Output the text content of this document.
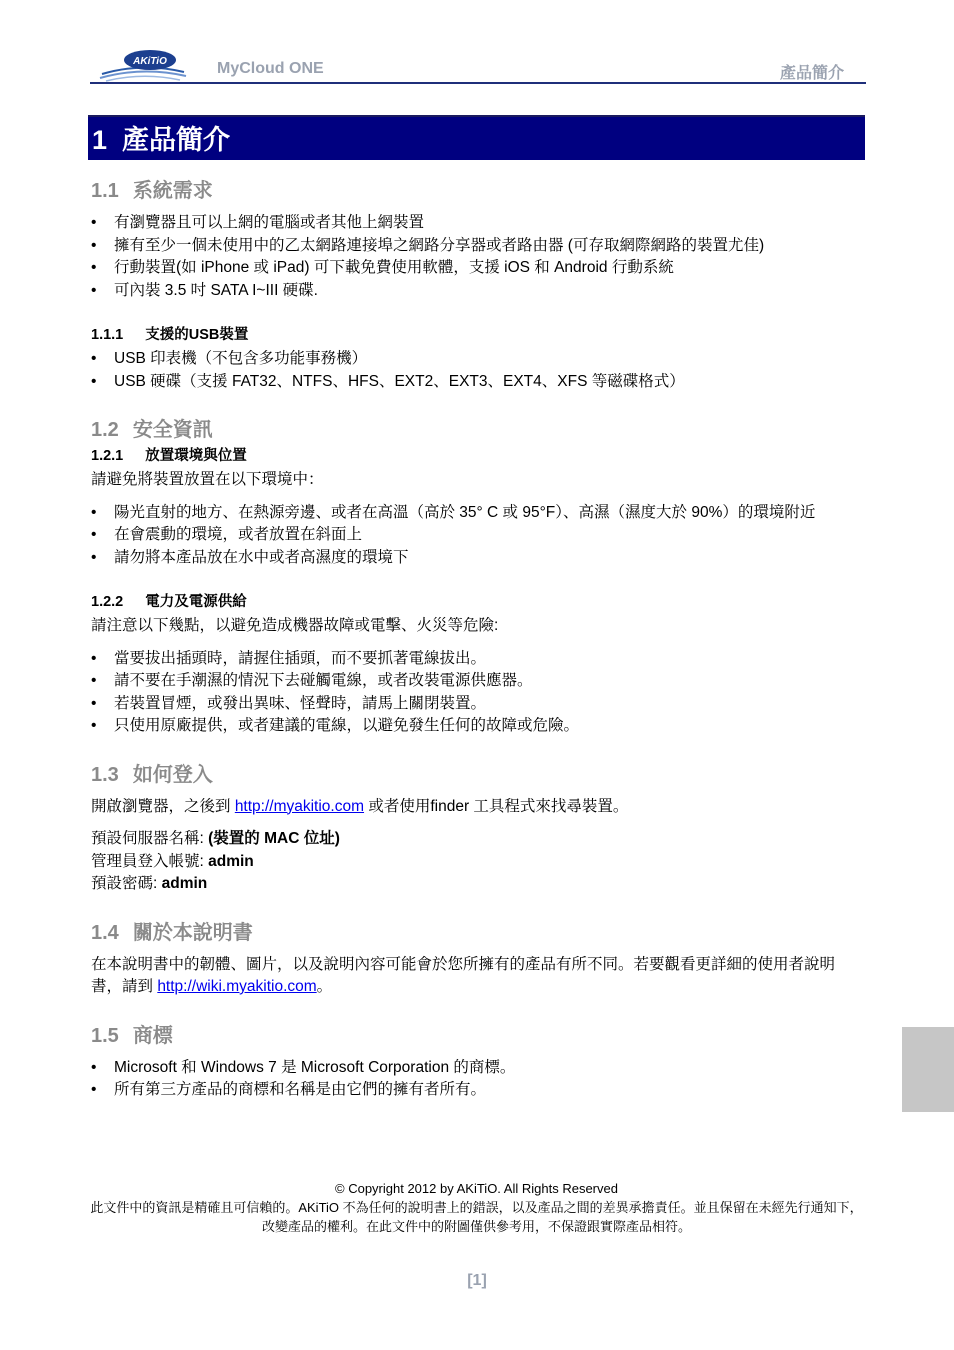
AKiTiO	MyCloud ONE	產品簡介
1 產品簡介
1.1 系統需求
• 有瀏覽器且可以上網的電腦或者其他上網裝置
• 擁有至少一個未使用中的乙太網路連接埠之網路分享器或者路由器 (可存取網際網路的裝置尤佳)
• 行動裝置(如 iPhone 或 iPad) 可下載免費使用軟體，支援 iOS 和 Android 行動系統
• 可內裝 3.5 吋 SATA I~III 硬碟.
1.1.1 支援的USB裝置
• USB 印表機（不包含多功能事務機）
• USB 硬碟（支援 FAT32、NTFS、HFS、EXT2、EXT3、EXT4、XFS 等磁碟格式）
1.2 安全資訊
1.2.1 放置環境與位置

請避免將裝置放置在以下環境中：

• 陽光直射的地方、在熱源旁邊、或者在高溫（高於 35° C 或 95°F）、高濕（濕度大於 90%）的環境附近
• 在會震動的環境，或者放置在斜面上
• 請勿將本產品放在水中或者高濕度的環境下
1.2.2 電力及電源供給

請注意以下幾點，以避免造成機器故障或電擊、火災等危險:

• 當要拔出插頭時，請握住插頭，而不要抓著電線拔出。
• 請不要在手潮濕的情況下去碰觸電線，或者改裝電源供應器。
• 若裝置冒煙，或發出異味、怪聲時，請馬上關閉裝置。
• 只使用原廠提供，或者建議的電線，以避免發生任何的故障或危險。
1.3 如何登入

開啟瀏覽器，之後到 http://myakitio.com 或者使用finder 工具程式來找尋裝置。

預設伺服器名稱: (裝置的 MAC 位址)

管理員登入帳號: admin

預設密碼: admin

1.4 關於本說明書

在本說明書中的韌體、圖片，以及說明內容可能會於您所擁有的產品有所不同。若要觀看更詳細的使用者說明書，請到 http://wiki.myakitio.com。

1.5 商標
• Microsoft 和 Windows 7 是 Microsoft Corporation 的商標。
• 所有第三方產品的商標和名稱是由它們的擁有者所有。
© Copyright 2012 by AKiTiO. All Rights Reserved
此文件中的資訊是精確且可信賴的。AKiTiO 不為任何的說明書上的錯誤，以及產品之間的差異承擔責任。並且保留在未經先行通知下，改變產品的權利。在此文件中的附圖僅供參考用，不保證跟實際產品相符。
[1]
